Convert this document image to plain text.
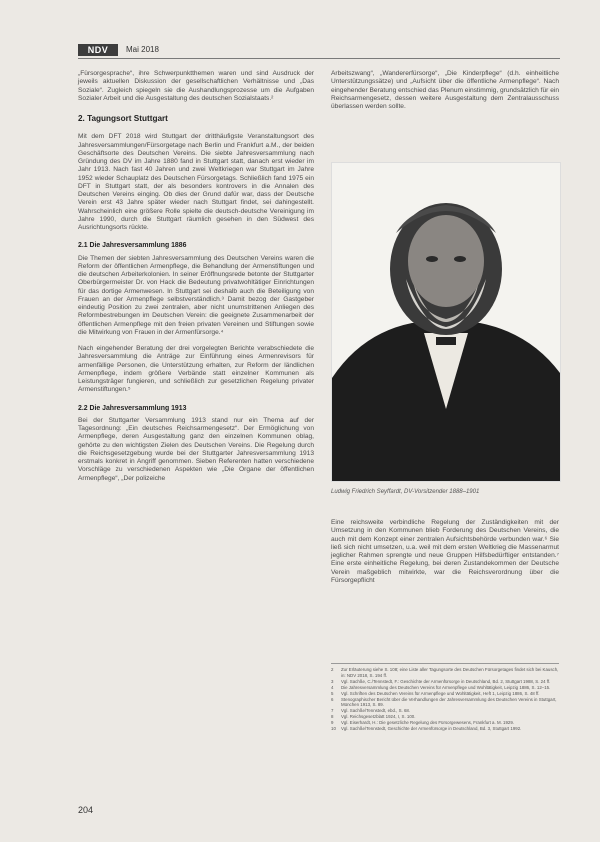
NDV	Mai 2018

„Fürsorgesprache“, ihre Schwerpunktthemen waren und sind Ausdruck der jeweils aktuellen Diskussion der gesellschaftlichen Verhältnisse und „Das Soziale“. Zugleich spiegeln sie die Aushandlungsprozesse um die Aufgaben Sozialer Arbeit und die Ausgestaltung des deutschen Sozialstaats.²

2. Tagungsort Stuttgart

Mit dem DFT 2018 wird Stuttgart der dritthäufigste Veranstaltungsort des Jahresversammlungen/Fürsorgetage nach Berlin und Frankfurt a.M., der beiden Geschäftsorte des Deutschen Vereins. Die siebte Jahresversammlung nach Gründung des DV im Jahre 1880 fand in Stuttgart statt, danach erst wieder im Jahr 1913. Nach fast 40 Jahren und zwei Weltkriegen war Stuttgart im Jahre 1952 wieder Schauplatz des Deutschen Fürsorgetags. Schließlich fand 1975 ein DFT in Stuttgart statt, der als besonders kontrovers in die Annalen des Deutschen Vereins einging. Ob dies der Grund dafür war, dass der Deutsche Verein erst 43 Jahre später wieder nach Stuttgart findet, sei dahingestellt. Wahrscheinlich eine größere Rolle spielte die deutsch-deutsche Vereinigung im Jahre 1990, durch die Stuttgart räumlich gesehen in den Südwest des Ausrichtungsorts rückte.

2.1 Die Jahresversammlung 1886

Die Themen der siebten Jahresversammlung des Deutschen Vereins waren die Reform der öffentlichen Armenpflege, die Behandlung der Armenstiftungen und die deutschen Arbeiterkolonien. In seiner Eröffnungsrede betonte der Stuttgarter Oberbürgermeister Dr. von Hack die Bedeutung privatwohltätiger Einrichtungen für das dortige Armenwesen. In Stuttgart sei deshalb auch die Beteiligung von Frauen an der Armenpflege selbstverständlich.³ Damit bezog der Gastgeber eindeutig Position zu zwei zentralen, aber nicht unumstrittenen Anliegen des Reformbestrebungen im Deutschen Verein: die geeignete Zusammenarbeit der öffentlichen Armenpflege mit den freien privaten Vereinen und Stiftungen sowie die Mitwirkung von Frauen in der Armenfürsorge.⁴

Nach eingehender Beratung der drei vorgelegten Berichte verabschiedete die Jahresversammlung die Anträge zur Einführung eines Armenrevisors für armenfällige Personen, die Unterstützung erhalten, zur Reform der ländlichen Armenpflege, indem größere Verbände statt einzelner Kommunen als Leistungsträger fungieren, und schließlich zur gesetzlichen Regelung privater Armenstiftungen.⁵

2.2 Die Jahresversammlung 1913

Bei der Stuttgarter Versammlung 1913 stand nur ein Thema auf der Tagesordnung: „Ein deutsches Reichsarmengesetz“. Der Ermöglichung von Armenpflege, deren Ausgestaltung ganz den einzelnen Kommunen oblag, gehörte zu den wichtigsten Zielen des Deutschen Vereins. Die Regelung durch die Reichsgesetzgebung wurde bei der Stuttgarter Jahresversammlung 1913 erstmals konkret in Angriff genommen. Sieben Referenten hatten verschiedene Vorschläge zu verschiedenen Aspekten wie „Die Organe der öffentlichen Armenpflege“, „Der polizeiche

Arbeitszwang“, „Wandererfürsorge“, „Die Kinderpflege“ (d.h. einheitliche Unterstützungssätze) und „Aufsicht über die öffentliche Armenpflege“. Nach eingehender Beratung entschied das Plenum einstimmig, grundsätzlich für ein Reichsarmengesetz, dessen weitere Ausgestaltung dem Zentralausschuss überlassen werden sollte.

Ludwig Friedrich Seyffardt, DV-Vorsitzender 1888–1901

Eine reichsweite verbindliche Regelung der Zuständigkeiten mit der Umsetzung in den Kommunen blieb Forderung des Deutschen Vereins, die auch mit dem Konzept einer zentralen Aufsichtsbehörde verbunden war.⁶ Sie ließ sich nicht umsetzen, u.a. weil mit dem ersten Weltkrieg die Massenarmut jeglicher Rahmen sprengte und neue Gruppen Hilfsbedürftiger entstanden.⁷ Eine erste einheitliche Regelung, bei deren Zustandekommen der Deutsche Verein maßgeblich mitwirkte, war die Reichsverordnung über die Fürsorgepflicht

2	Zur Erläuterung siehe S. 108; eine Liste aller Tagungsorte des Deutschen Fürsorgetages findet sich bei Kausch, in: NDV 2018, S. 194 ff.
3	Vgl. Sachße, C./Tennstedt, F.: Geschichte der Armenfürsorge in Deutschland, Bd. 2, Stuttgart 1988, S. 24 ff.
4	Die Jahresversammlung des Deutschen Vereins für Armenpflege und Wohltätigkeit, Leipzig 1886, S. 12–15.
5	Vgl. Schriften des Deutschen Vereins für Armenpflege und Wohltätigkeit, Heft 1, Leipzig 1886, S. 48 ff.
6	Stenographischer Bericht über die Verhandlungen der Jahresversammlung des Deutschen Vereins in Stuttgart, München 1913, S. 89.
7	Vgl. Sachße/Tennstedt, ebd., S. 68.
8	Vgl. Reichsgesetzblatt 1924, I, S. 100.
9	Vgl. Eiserhardt, H.: Die gesetzliche Regelung des Fürsorgewesens, Frankfurt a. M. 1929.
10	Vgl. Sachße/Tennstedt, Geschichte der Armenfürsorge in Deutschland, Bd. 3, Stuttgart 1992.
204
